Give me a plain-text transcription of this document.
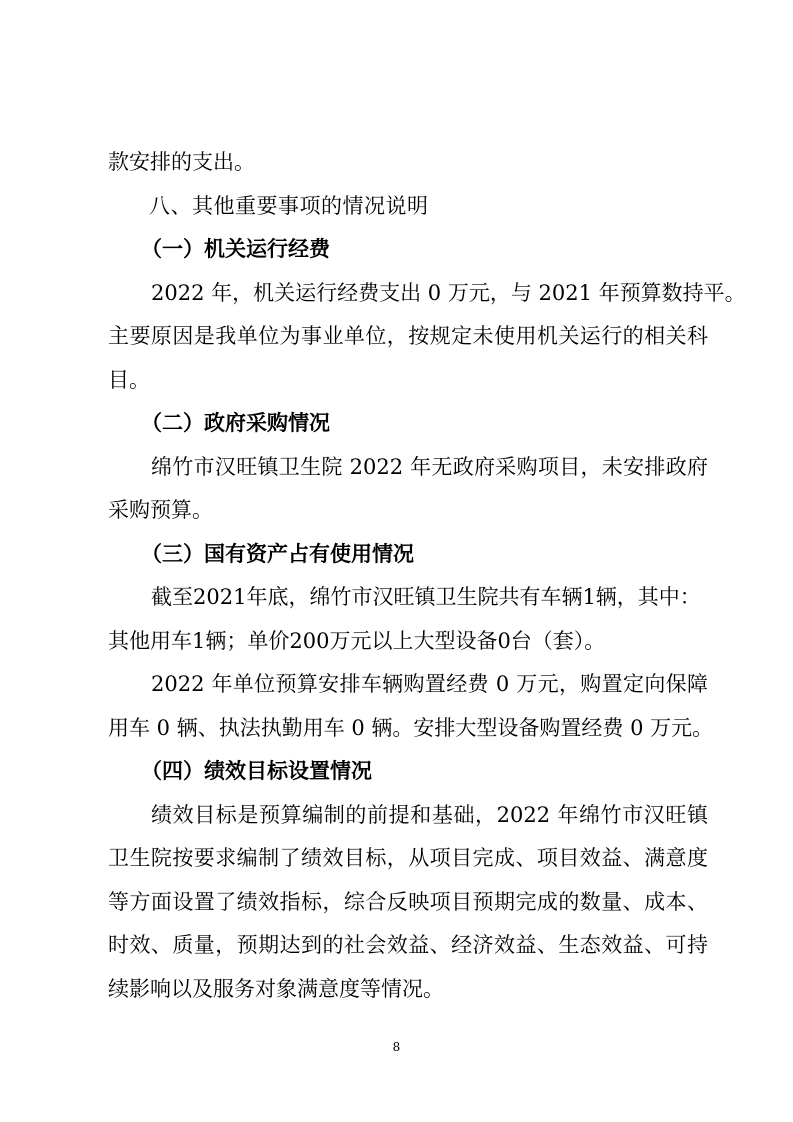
款安排的支出。
八、其他重要事项的情况说明
（一）机关运行经费
2022 年，机关运行经费支出 0 万元，与 2021 年预算数持平。
主要原因是我单位为事业单位，按规定未使用机关运行的相关科
目。
（二）政府采购情况
绵竹市汉旺镇卫生院 2022 年无政府采购项目，未安排政府
采购预算。
（三）国有资产占有使用情况
截至2021年底，绵竹市汉旺镇卫生院共有车辆1辆，其中：
其他用车1辆；单价200万元以上大型设备0台（套）。
2022 年单位预算安排车辆购置经费 0 万元，购置定向保障
用车 0 辆、执法执勤用车 0 辆。安排大型设备购置经费 0 万元。
（四）绩效目标设置情况
绩效目标是预算编制的前提和基础，2022 年绵竹市汉旺镇
卫生院按要求编制了绩效目标，从项目完成、项目效益、满意度
等方面设置了绩效指标，综合反映项目预期完成的数量、成本、
时效、质量，预期达到的社会效益、经济效益、生态效益、可持
续影响以及服务对象满意度等情况。
8
